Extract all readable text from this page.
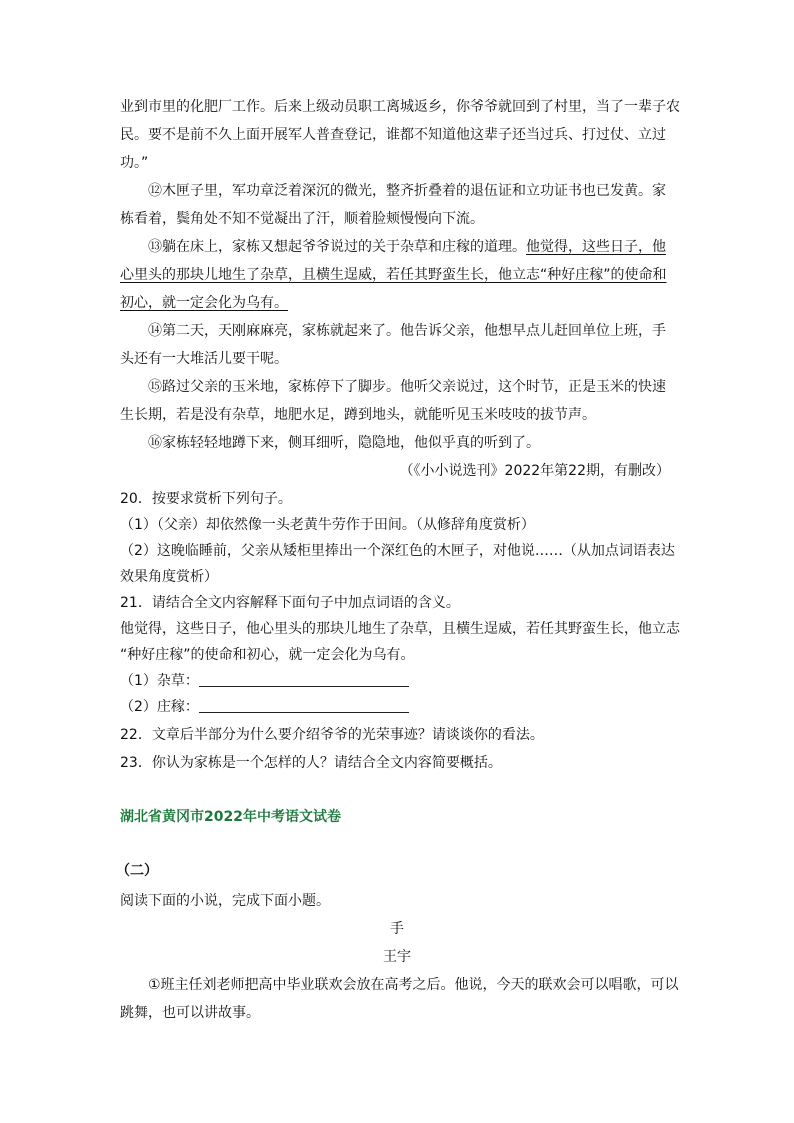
业到市里的化肥厂工作。后来上级动员职工离城返乡，你爷爷就回到了村里，当了一辈子农
民。要不是前不久上面开展军人普查登记，谁都不知道他这辈子还当过兵、打过仗、立过
功。”
⑫木匣子里，军功章泛着深沉的微光，整齐折叠着的退伍证和立功证书也已发黄。家
栋看着，鬓角处不知不觉凝出了汗，顺着脸颊慢慢向下流。
⑬躺在床上，家栋又想起爷爷说过的关于杂草和庄稼的道理。他觉得，这些日子，他
心里头的那块儿地生了杂草，且横生逞威，若任其野蛮生长，他立志“种好庄稼”的使命和
初心，就一定会化为乌有。
⑭第二天，天刚麻麻亮，家栋就起来了。他告诉父亲，他想早点儿赶回单位上班，手
头还有一大堆活儿要干呢。
⑮路过父亲的玉米地，家栋停下了脚步。他听父亲说过，这个时节，正是玉米的快速
生长期，若是没有杂草，地肥水足，蹲到地头，就能听见玉米吱吱的拔节声。
⑯家栋轻轻地蹲下来，侧耳细听，隐隐地，他似乎真的听到了。
（《小小说选刊》2022年第22期，有删改）
20．按要求赏析下列句子。
（1）（父亲）却依然像一头老黄牛劳作于田间。（从修辞角度赏析）
（2）这晚临睡前，父亲从矮柜里捧出一个深红色的木匣子，对他说……（从加点词语表达
效果角度赏析）
21．请结合全文内容解释下面句子中加点词语的含义。
他觉得，这些日子，他心里头的那块儿地生了杂草，且横生逞威，若任其野蛮生长，他立志
“种好庄稼”的使命和初心，就一定会化为乌有。
（1）杂草：
（2）庄稼：
22．文章后半部分为什么要介绍爷爷的光荣事迹？请谈谈你的看法。
23．你认为家栋是一个怎样的人？请结合全文内容简要概括。
湖北省黄冈市2022年中考语文试卷
（二）
阅读下面的小说，完成下面小题。
手
王宇
①班主任刘老师把高中毕业联欢会放在高考之后。他说，今天的联欢会可以唱歌，可以
跳舞，也可以讲故事。
